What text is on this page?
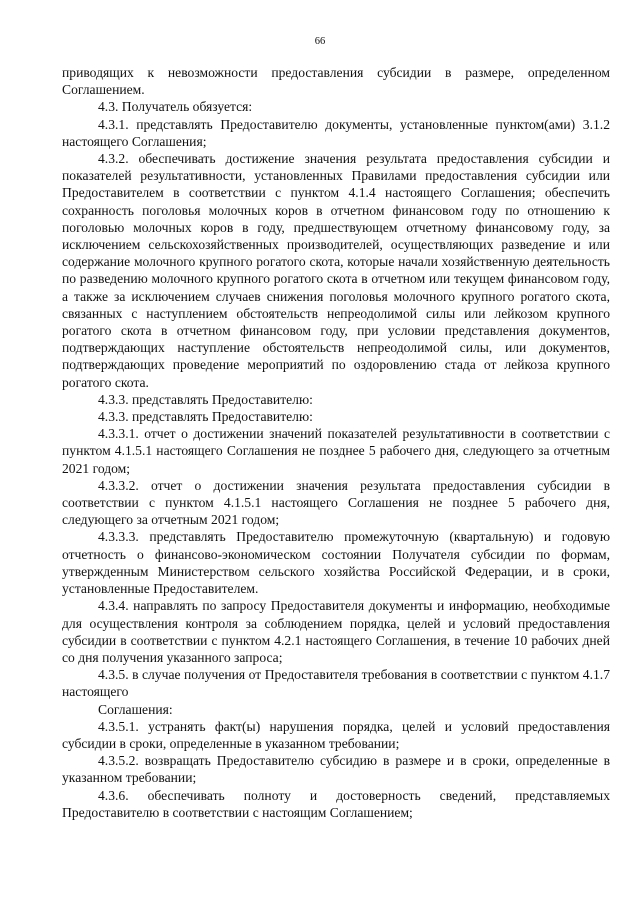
66

приводящих к невозможности предоставления субсидии в размере, определенном Соглашением.

4.3. Получатель обязуется:

4.3.1. представлять Предоставителю документы, установленные пунктом(ами) 3.1.2 настоящего Соглашения;

4.3.2. обеспечивать достижение значения результата предоставления субсидии и показателей результативности, установленных Правилами предоставления субсидии или Предоставителем в соответствии с пунктом 4.1.4 настоящего Соглашения; обеспечить сохранность поголовья молочных коров в отчетном финансовом году по отношению к поголовью молочных коров в году, предшествующем отчетному финансовому году, за исключением сельскохозяйственных производителей, осуществляющих разведение и или содержание молочного крупного рогатого скота, которые начали хозяйственную деятельность по разведению молочного крупного рогатого скота в отчетном или текущем финансовом году, а также за исключением случаев снижения поголовья молочного крупного рогатого скота, связанных с наступлением обстоятельств непреодолимой силы или лейкозом крупного рогатого скота в отчетном финансовом году, при условии представления документов, подтверждающих наступление обстоятельств непреодолимой силы, или документов, подтверждающих проведение мероприятий по оздоровлению стада от лейкоза крупного рогатого скота.

4.3.3. представлять Предоставителю:

4.3.3. представлять Предоставителю:

4.3.3.1. отчет о достижении значений показателей результативности в соответствии с пунктом 4.1.5.1 настоящего Соглашения не позднее 5 рабочего дня, следующего за отчетным 2021 годом;

4.3.3.2. отчет о достижении значения результата предоставления субсидии в соответствии с пунктом 4.1.5.1 настоящего Соглашения не позднее 5 рабочего дня, следующего за отчетным 2021 годом;

4.3.3.3. представлять Предоставителю промежуточную (квартальную) и годовую отчетность о финансово-экономическом состоянии Получателя субсидии по формам, утвержденным Министерством сельского хозяйства Российской Федерации, и в сроки, установленные Предоставителем.

4.3.4. направлять по запросу Предоставителя документы и информацию, необходимые для осуществления контроля за соблюдением порядка, целей и условий предоставления субсидии в соответствии с пунктом 4.2.1 настоящего Соглашения, в течение 10 рабочих дней со дня получения указанного запроса;

4.3.5. в случае получения от Предоставителя требования в соответствии с пунктом 4.1.7 настоящего

Соглашения:

4.3.5.1. устранять факт(ы) нарушения порядка, целей и условий предоставления субсидии в сроки, определенные в указанном требовании;

4.3.5.2. возвращать Предоставителю субсидию в размере и в сроки, определенные в указанном требовании;

4.3.6. обеспечивать полноту и достоверность сведений, представляемых Предоставителю в соответствии с настоящим Соглашением;
